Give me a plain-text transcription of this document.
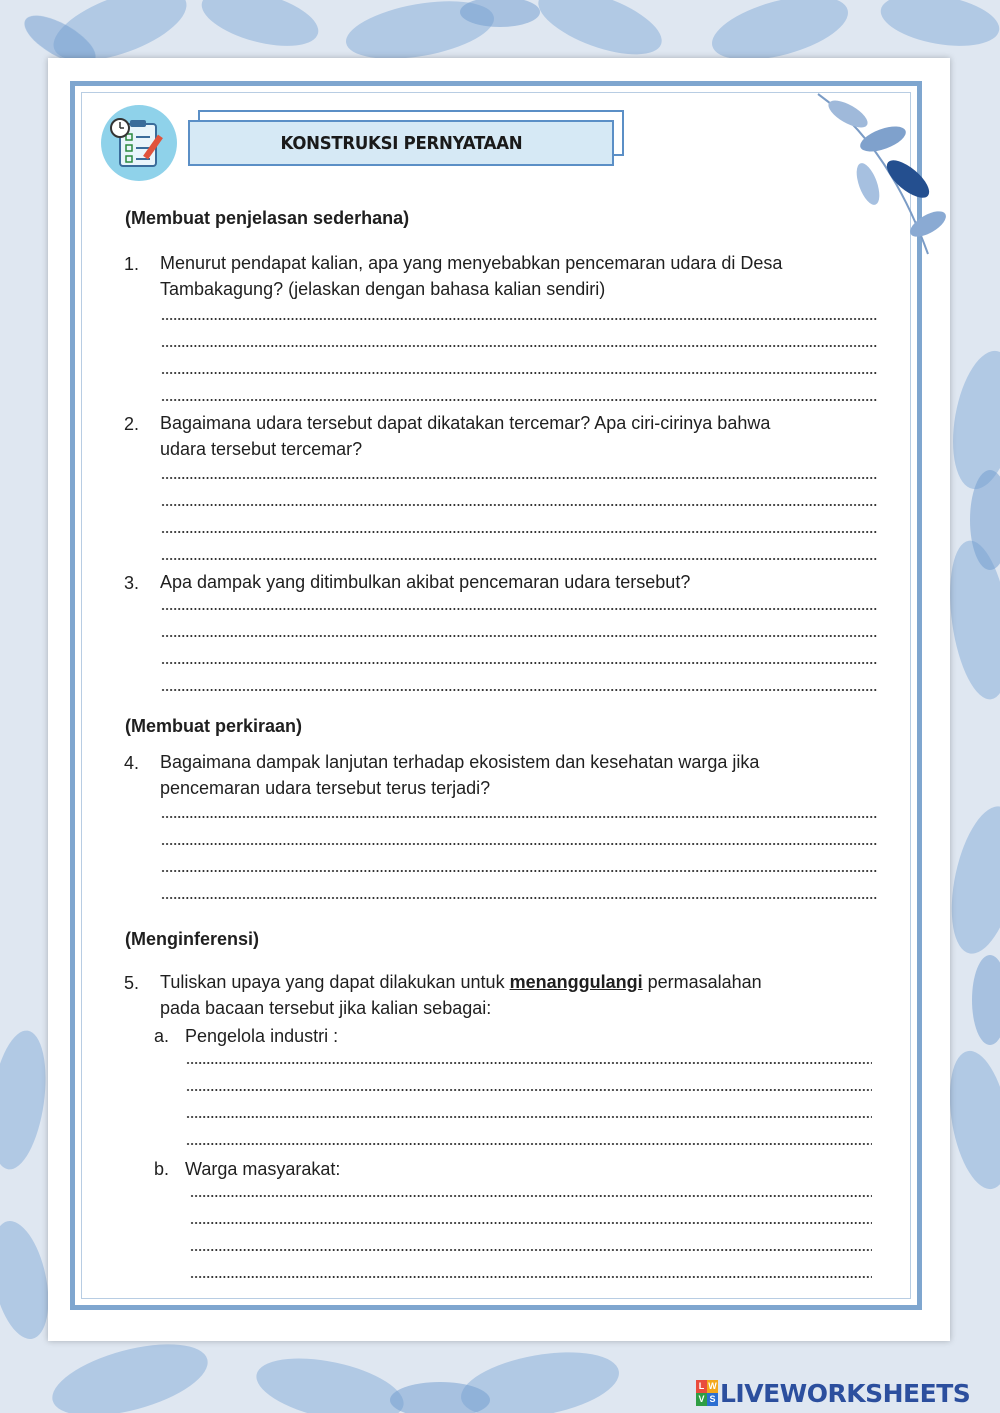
KONSTRUKSI PERNYATAAN
(Membuat penjelasan sederhana)
1. Menurut pendapat kalian, apa yang menyebabkan pencemaran udara di Desa
Tambakagung? (jelaskan dengan bahasa kalian sendiri)
2. Bagaimana udara tersebut dapat dikatakan tercemar? Apa ciri-cirinya bahwa
udara tersebut tercemar?
3. Apa dampak yang ditimbulkan akibat pencemaran udara tersebut?
(Membuat perkiraan)
4. Bagaimana dampak lanjutan terhadap ekosistem dan kesehatan warga jika
pencemaran udara tersebut terus terjadi?
(Menginferensi)
5. Tuliskan upaya yang dapat dilakukan untuk menanggulangi permasalahan
pada bacaan tersebut jika kalian sebagai:
a. Pengelola industri :
b. Warga masyarakat:
L W
V S LIVEWORKSHEETS
